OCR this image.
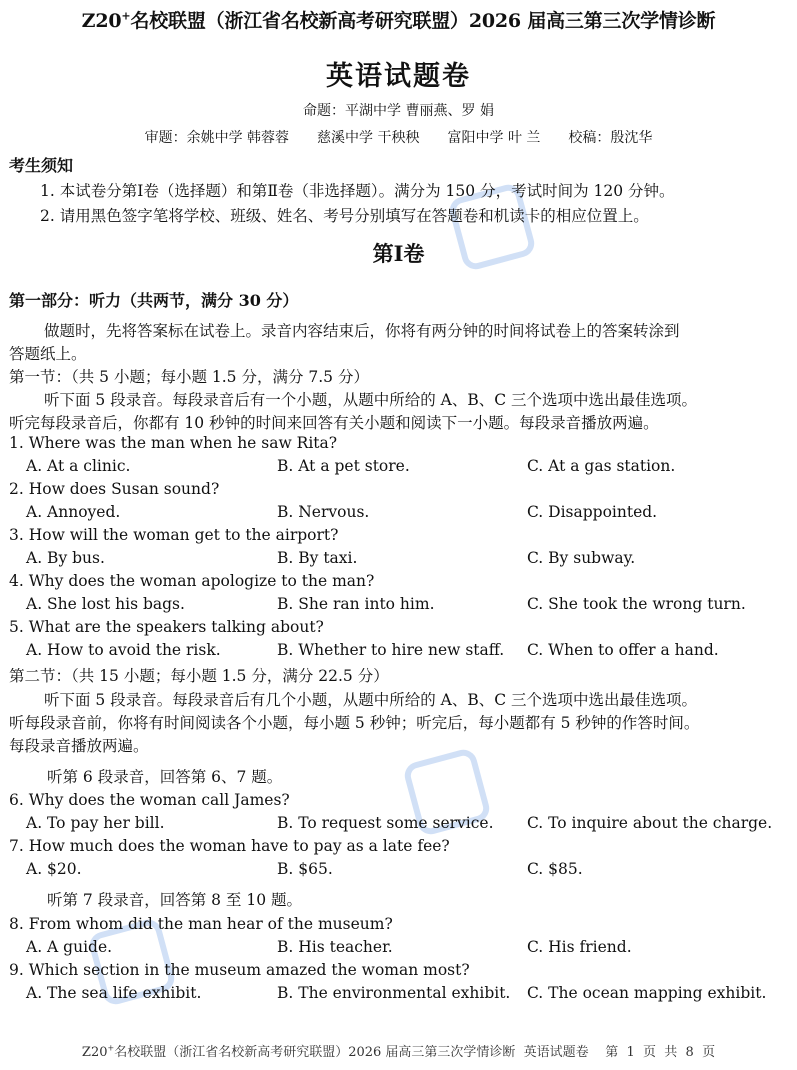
Z20+名校联盟（浙江省名校新高考研究联盟）2026 届高三第三次学情诊断
英语试题卷
命题：平湖中学 曹丽燕、罗 娟
审题：余姚中学 韩蓉蓉 慈溪中学 干秧秧 富阳中学 叶 兰 校稿：殷沈华
考生须知
1. 本试卷分第Ⅰ卷（选择题）和第Ⅱ卷（非选择题）。满分为 150 分，考试时间为 120 分钟。
2. 请用黑色签字笔将学校、班级、姓名、考号分别填写在答题卷和机读卡的相应位置上。
第Ⅰ卷
第一部分：听力（共两节，满分 30 分）
做题时，先将答案标在试卷上。录音内容结束后，你将有两分钟的时间将试卷上的答案转涂到
答题纸上。
第一节：（共 5 小题；每小题 1.5 分，满分 7.5 分）
听下面 5 段录音。每段录音后有一个小题，从题中所给的 A、B、C 三个选项中选出最佳选项。
听完每段录音后，你都有 10 秒钟的时间来回答有关小题和阅读下一小题。每段录音播放两遍。
1. Where was the man when he saw Rita?
A. At a clinic.	B. At a pet store.	C. At a gas station.
2. How does Susan sound?
A. Annoyed.	B. Nervous.	C. Disappointed.
3. How will the woman get to the airport?
A. By bus.	B. By taxi.	C. By subway.
4. Why does the woman apologize to the man?
A. She lost his bags.	B. She ran into him.	C. She took the wrong turn.
5. What are the speakers talking about?
A. How to avoid the risk.	B. Whether to hire new staff. C. When to offer a hand.
第二节：（共 15 小题；每小题 1.5 分，满分 22.5 分）
听下面 5 段录音。每段录音后有几个小题，从题中所给的 A、B、C 三个选项中选出最佳选项。
听每段录音前，你将有时间阅读各个小题，每小题 5 秒钟；听完后，每小题都有 5 秒钟的作答时间。
每段录音播放两遍。
听第 6 段录音，回答第 6、7 题。
6. Why does the woman call James?
A. To pay her bill.	B. To request some service. C. To inquire about the charge.
7. How much does the woman have to pay as a late fee?
A. $20.	B. $65.	C. $85.
听第 7 段录音，回答第 8 至 10 题。
8. From whom did the man hear of the museum?
A. A guide.	B. His teacher.	C. His friend.
9. Which section in the museum amazed the woman most?
A. The sea life exhibit.	B. The environmental exhibit. C. The ocean mapping exhibit.
Z20+名校联盟（浙江省名校新高考研究联盟）2026 届高三第三次学情诊断  英语试题卷    第  1  页  共  8  页
